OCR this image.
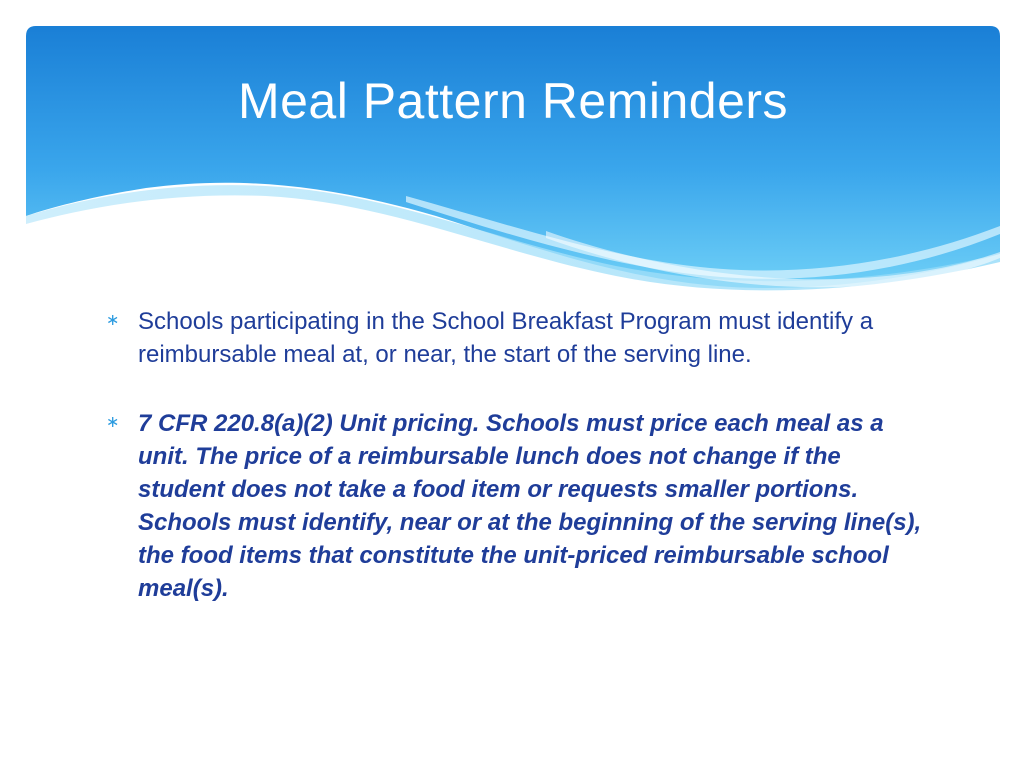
Meal Pattern Reminders
∗ Schools participating in the School Breakfast Program must identify a reimbursable meal at, or near, the start of the serving line.
∗ 7 CFR 220.8(a)(2) Unit pricing. Schools must price each meal as a unit. The price of a reimbursable lunch does not change if the student does not take a food item or requests smaller portions. Schools must identify, near or at the beginning of the serving line(s), the food items that constitute the unit-priced reimbursable school meal(s).
